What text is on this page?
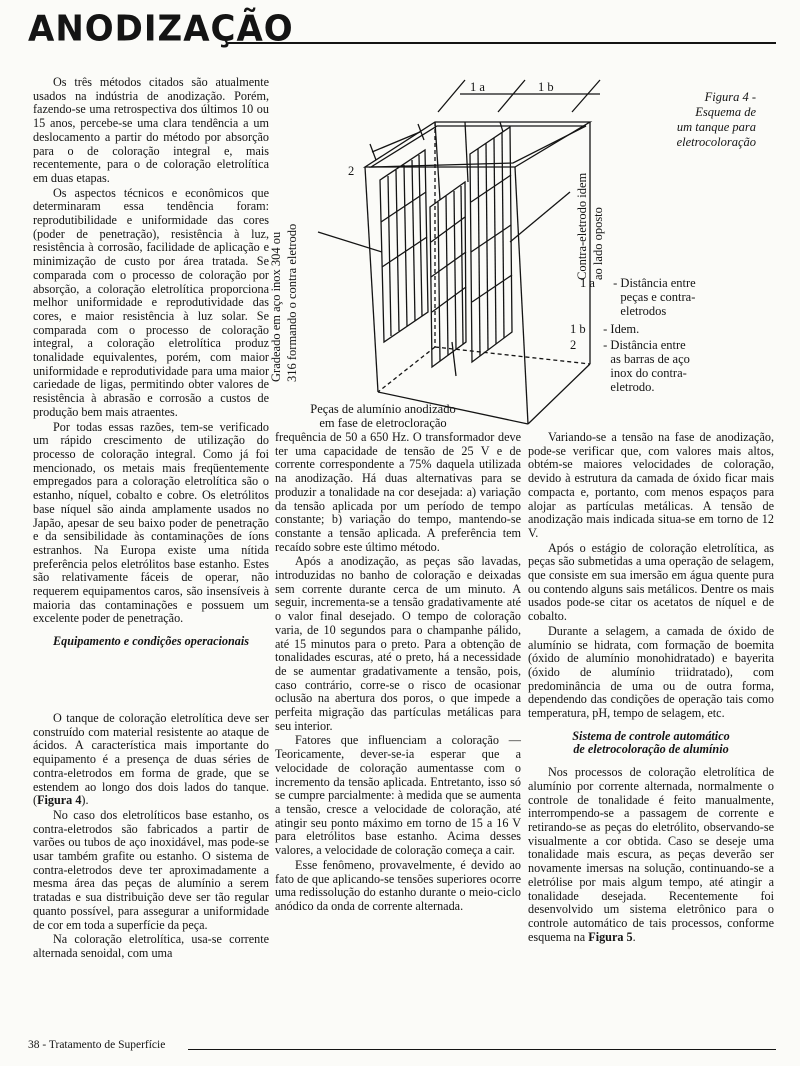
ANODIZAÇÃO

Os três métodos citados são atualmente usados na indústria de anodização. Porém, fazendo-se uma retrospectiva dos últimos 10 ou 15 anos, percebe-se uma clara tendência a um deslocamento a partir do método por absorção para o de coloração integral e, mais recentemente, para o de coloração eletrolítica em duas etapas.

Os aspectos técnicos e econômicos que determinaram essa tendência foram: reprodutibilidade e uniformidade das cores (poder de penetração), resistência à luz, resistência à corrosão, facilidade de aplicação e minimização de custo por área tratada. Se comparada com o processo de coloração por absorção, a coloração eletrolítica proporciona melhor uniformidade e reprodutividade das cores, e maior resistência à luz solar. Se comparada com o processo de coloração integral, a coloração eletrolítica produz tonalidade equivalentes, porém, com maior uniformidade e reprodutividade para uma maior cariedade de ligas, permitindo obter valores de resistência à abrasão e corrosão a custos de produção bem mais atraentes.

Por todas essas razões, tem-se verificado um rápido crescimento de utilização do processo de coloração integral. Como já foi mencionado, os metais mais freqüentemente empregados para a coloração eletrolítica são o estanho, níquel, cobalto e cobre. Os eletrólitos base níquel são ainda amplamente usados no Japão, apesar de seu baixo poder de penetração e da sensibilidade às contaminações de íons estranhos. Na Europa existe uma nítida preferência pelos eletrólitos base estanho. Estes são relativamente fáceis de operar, não requerem equipamentos caros, são insensíveis à maioria das contaminações e possuem um excelente poder de penetração.

Equipamento e condições operacionais

O tanque de coloração eletrolítica deve ser construído com material resistente ao ataque de ácidos. A característica mais importante do equipamento é a presença de duas séries de contra-eletrodos em forma de grade, que se estendem ao longo dos dois lados do tanque. (Figura 4).

No caso dos eletrolíticos base estanho, os contra-eletrodos são fabricados a partir de varões ou tubos de aço inoxidável, mas pode-se usar também grafite ou estanho. O sistema de contra-eletrodos deve ter aproximadamente a mesma área das peças de alumínio a serem tratadas e sua distribuição deve ser tão regular quanto possível, para assegurar a uniformidade de cor em toda a superfície da peça.

Na coloração eletrolítica, usa-se corrente alternada senoidal, com uma

1 a	1 b
2
Figura 4 -
Esquema de
um tanque para
eletrocoloração
Gradeado em aço inox 304 ou 316 formando o contra eletrodo	Contra-eletrodo idem ao lado oposto
Peças de alumínio anodizado
em fase de eletrocloração
1 a	- Distância entre
peças e contra-
eletrodos
1 b	- Idem.
2	- Distância entre
as barras de aço
inox do contra-
eletrodo.

frequência de 50 a 650 Hz. O transformador deve ter uma capacidade de tensão de 25 V e de corrente correspondente a 75% daquela utilizada na anodização. Há duas alternativas para se produzir a tonalidade na cor desejada: a) variação da tensão aplicada por um período de tempo constante; b) variação do tempo, mantendo-se constante a tensão aplicada. A preferência tem recaído sobre este último método.

Após a anodização, as peças são lavadas, introduzidas no banho de coloração e deixadas sem corrente durante cerca de um minuto. A seguir, incrementa-se a tensão gradativamente até o valor final desejado. O tempo de coloração varia, de 10 segundos para o champanhe pálido, até 15 minutos para o preto. Para a obtenção de tonalidades escuras, até o preto, há a necessidade de se aumentar gradativamente a tensão, pois, caso contrário, corre-se o risco de ocasionar oclusão na abertura dos poros, o que impede a perfeita migração das partículas metálicas para seu interior.

Fatores que influenciam a coloração — Teoricamente, dever-se-ia esperar que a velocidade de coloração aumentasse com o incremento da tensão aplicada. Entretanto, isso só se cumpre parcialmente: à medida que se aumenta a tensão, cresce a velocidade de coloração, até atingir seu ponto máximo em torno de 15 a 16 V para eletrólitos base estanho. Acima desses valores, a velocidade de coloração começa a cair.

Esse fenômeno, provavelmente, é devido ao fato de que aplicando-se tensões superiores ocorre uma redissolução do estanho durante o meio-ciclo anódico da onda de corrente alternada.

Variando-se a tensão na fase de anodização, pode-se verificar que, com valores mais altos, obtém-se maiores velocidades de coloração, devido à estrutura da camada de óxido ficar mais compacta e, portanto, com menos espaços para alojar as partículas metálicas. A tensão de anodização mais indicada situa-se em torno de 12 V.

Após o estágio de coloração eletrolítica, as peças são submetidas a uma operação de selagem, que consiste em sua imersão em água quente pura ou contendo alguns sais metálicos. Dentre os mais usados pode-se citar os acetatos de níquel e de cobalto.

Durante a selagem, a camada de óxido de alumínio se hidrata, com formação de boemita (óxido de alumínio monohidratado) e bayerita (óxido de alumínio triidratado), com predominância de uma ou de outra forma, dependendo das condições de operação tais como temperatura, pH, tempo de selagem, etc.

Sistema de controle automático
de eletrocoloração de alumínio

Nos processos de coloração eletrolítica de alumínio por corrente alternada, normalmente o controle de tonalidade é feito manualmente, interrompendo-se a passagem de corrente e retirando-se as peças do eletrólito, observando-se visualmente a cor obtida. Caso se deseje uma tonalidade mais escura, as peças deverão ser novamente imersas na solução, continuando-se a eletrólise por mais algum tempo, até atingir a tonalidade desejada. Recentemente foi desenvolvido um sistema eletrônico para o controle automático de tais processos, conforme esquema na Figura 5.

38 - Tratamento de Superfície
